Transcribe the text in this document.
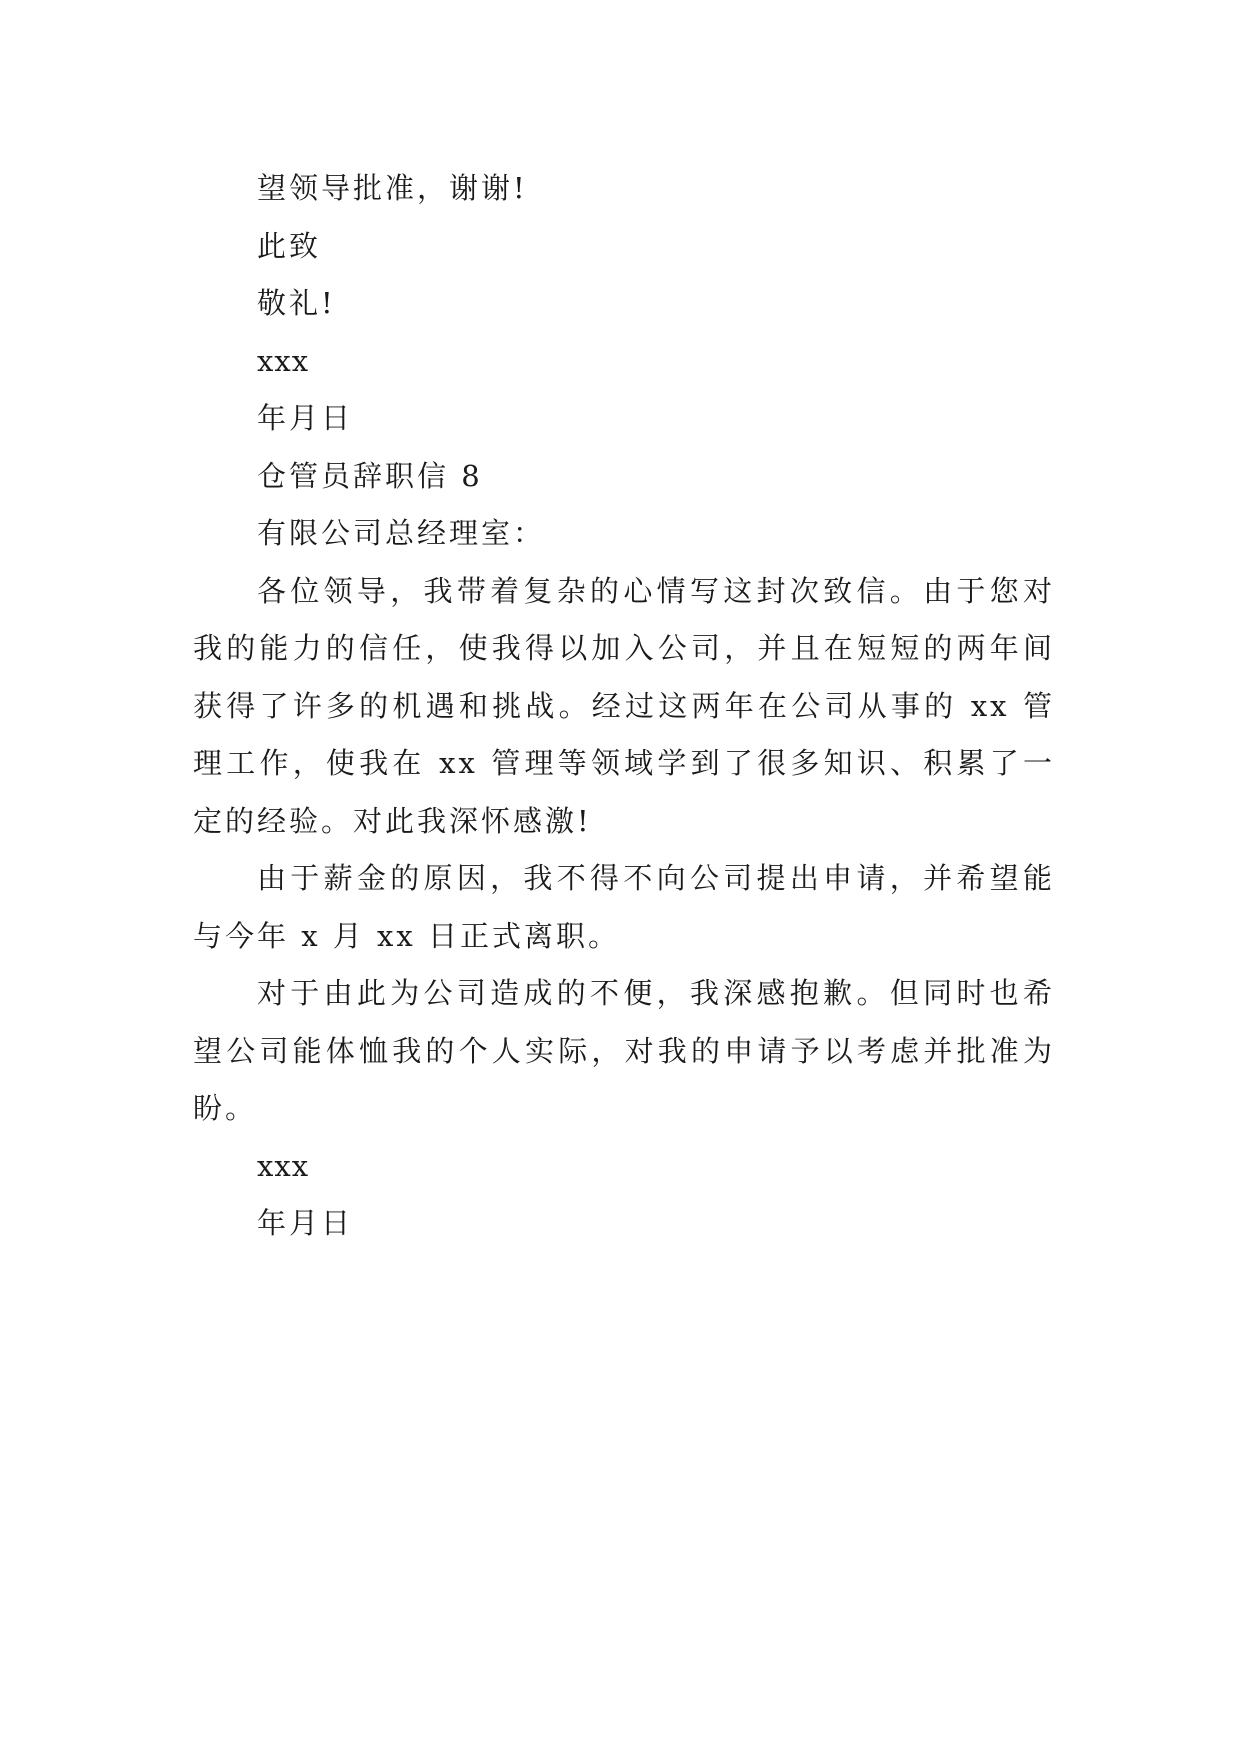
望领导批准，谢谢!
此致
敬礼!
xxx
年月日
仓管员辞职信 8
有限公司总经理室：

各位领导，我带着复杂的心情写这封次致信。由于您对我的能力的信任，使我得以加入公司，并且在短短的两年间获得了许多的机遇和挑战。经过这两年在公司从事的 xx 管理工作，使我在 xx 管理等领域学到了很多知识、积累了一定的经验。对此我深怀感激!

由于薪金的原因，我不得不向公司提出申请，并希望能与今年 x 月 xx 日正式离职。

对于由此为公司造成的不便，我深感抱歉。但同时也希望公司能体恤我的个人实际，对我的申请予以考虑并批准为盼。

xxx
年月日
